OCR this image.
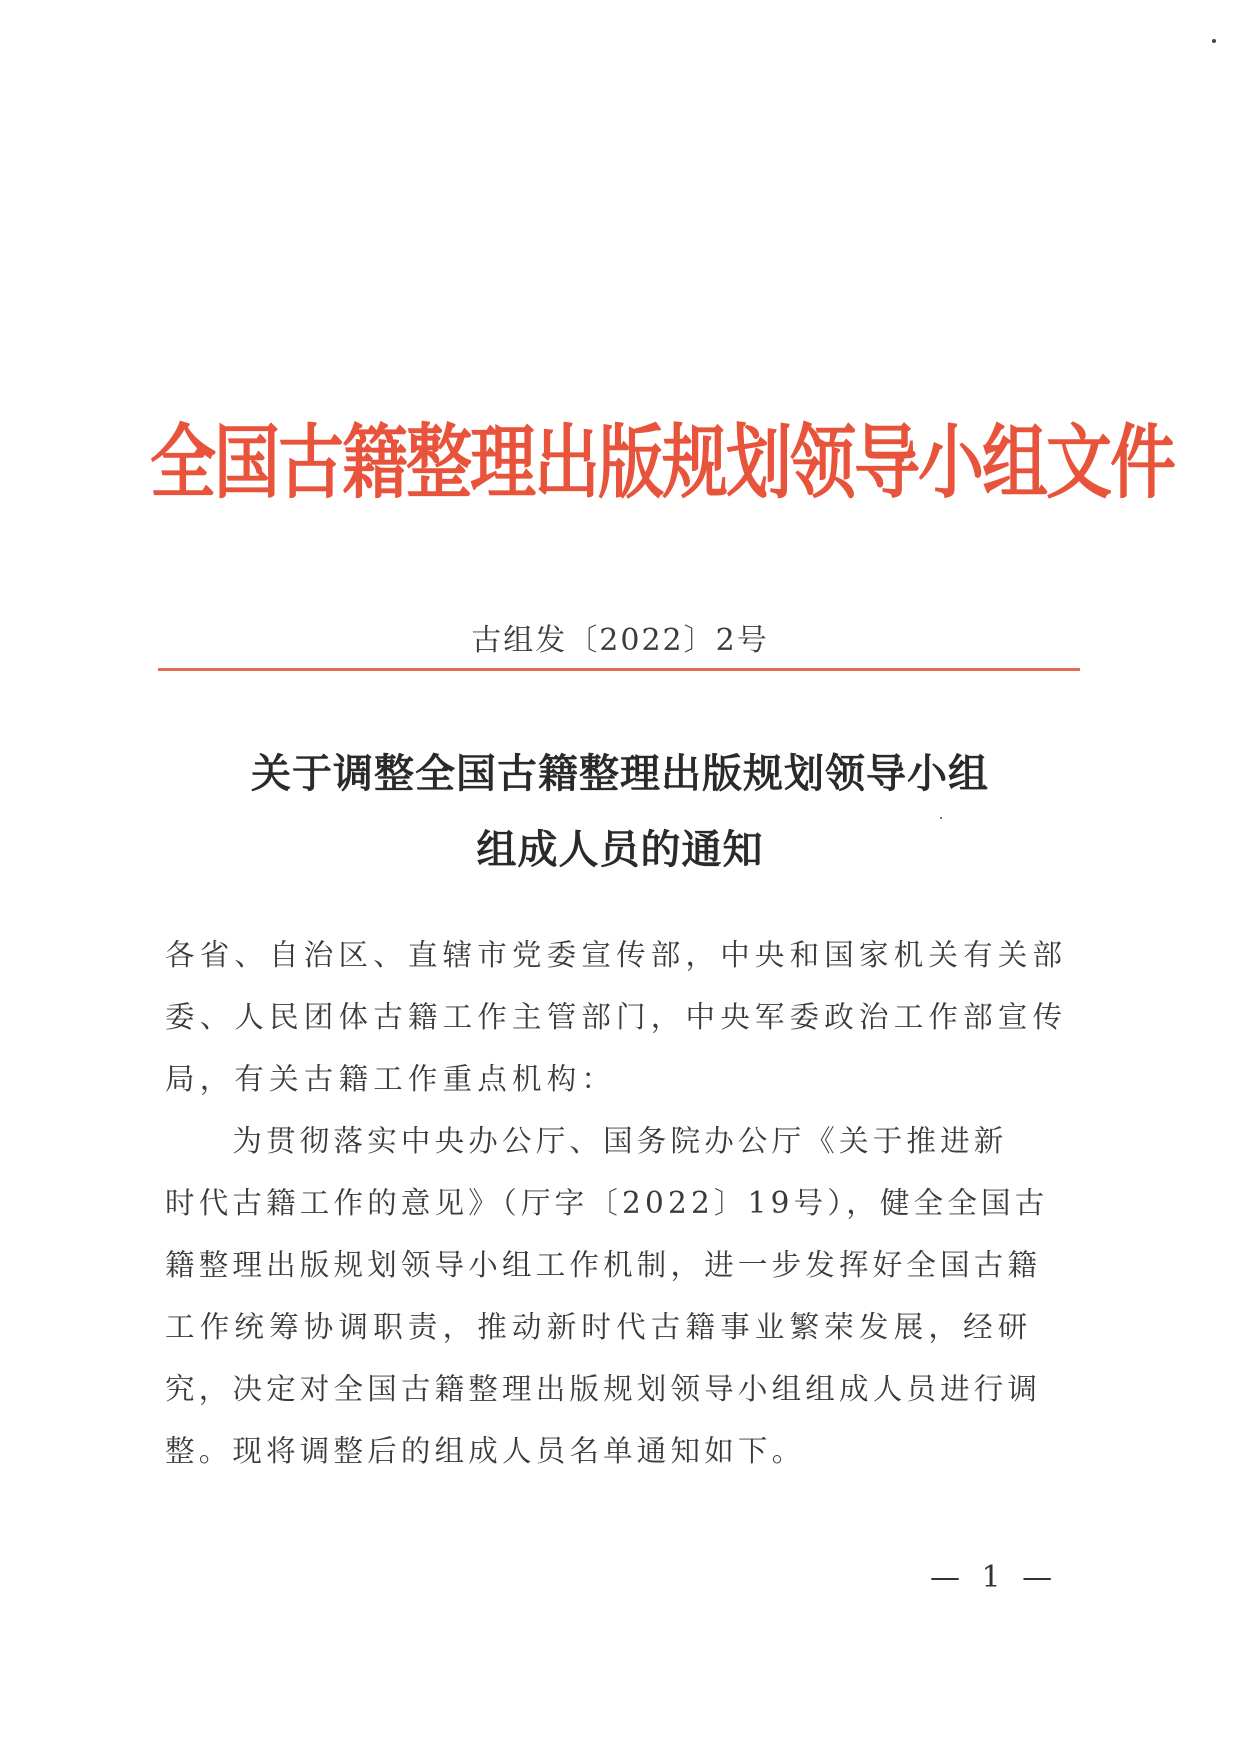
全国古籍整理出版规划领导小组文件
古组发〔2022〕2号
关于调整全国古籍整理出版规划领导小组
组成人员的通知
各省、自治区、直辖市党委宣传部，中央和国家机关有关部
委、人民团体古籍工作主管部门，中央军委政治工作部宣传
局，有关古籍工作重点机构：
　　为贯彻落实中央办公厅、国务院办公厅《关于推进新
时代古籍工作的意见》（厅字〔2022〕19号），健全全国古
籍整理出版规划领导小组工作机制，进一步发挥好全国古籍
工作统筹协调职责，推动新时代古籍事业繁荣发展，经研
究，决定对全国古籍整理出版规划领导小组组成人员进行调
整。现将调整后的组成人员名单通知如下。
— 1 —
